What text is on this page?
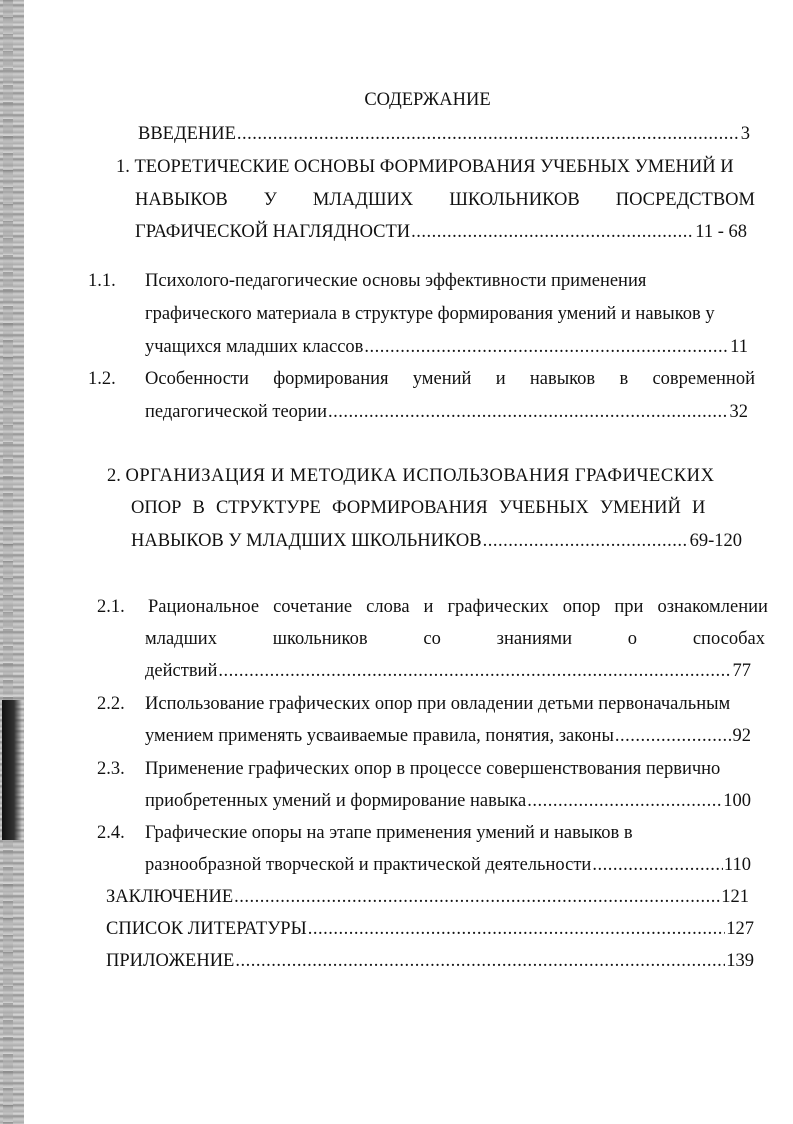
СОДЕРЖАНИЕ
ВВЕДЕНИЕ .....	3
1. ТЕОРЕТИЧЕСКИЕ ОСНОВЫ ФОРМИРОВАНИЯ УЧЕБНЫХ УМЕНИЙ И
НАВЫКОВ У МЛАДШИХ ШКОЛЬНИКОВ ПОСРЕДСТВОМ
ГРАФИЧЕСКОЙ НАГЛЯДНОСТИ .....	11 - 68
1.1. Психолого-педагогические основы эффективности применения
графического материала в структуре формирования умений и навыков у
учащихся младших классов .....	11
1.2. Особенности формирования умений и навыков в современной
педагогической теории .....	32
2. ОРГАНИЗАЦИЯ И МЕТОДИКА ИСПОЛЬЗОВАНИЯ ГРАФИЧЕСКИХ
ОПОР В СТРУКТУРЕ ФОРМИРОВАНИЯ УЧЕБНЫХ УМЕНИЙ И
НАВЫКОВ У МЛАДШИХ ШКОЛЬНИКОВ .....	69-120
2.1. Рациональное сочетание слова и графических опор при ознакомлении
младших	школьников	со	знаниями	о	способах
действий .....	77
2.2. Использование графических опор при овладении детьми первоначальным
умением применять усваиваемые правила, понятия, законы .....	92
2.3. Применение графических опор в процессе совершенствования первично
приобретенных умений и формирование навыка .....	100
2.4. Графические опоры на этапе применения умений и навыков в
разнообразной творческой и практической деятельности .....	110
ЗАКЛЮЧЕНИЕ .....	121
СПИСОК ЛИТЕРАТУРЫ .....	127
ПРИЛОЖЕНИЕ .....	139
